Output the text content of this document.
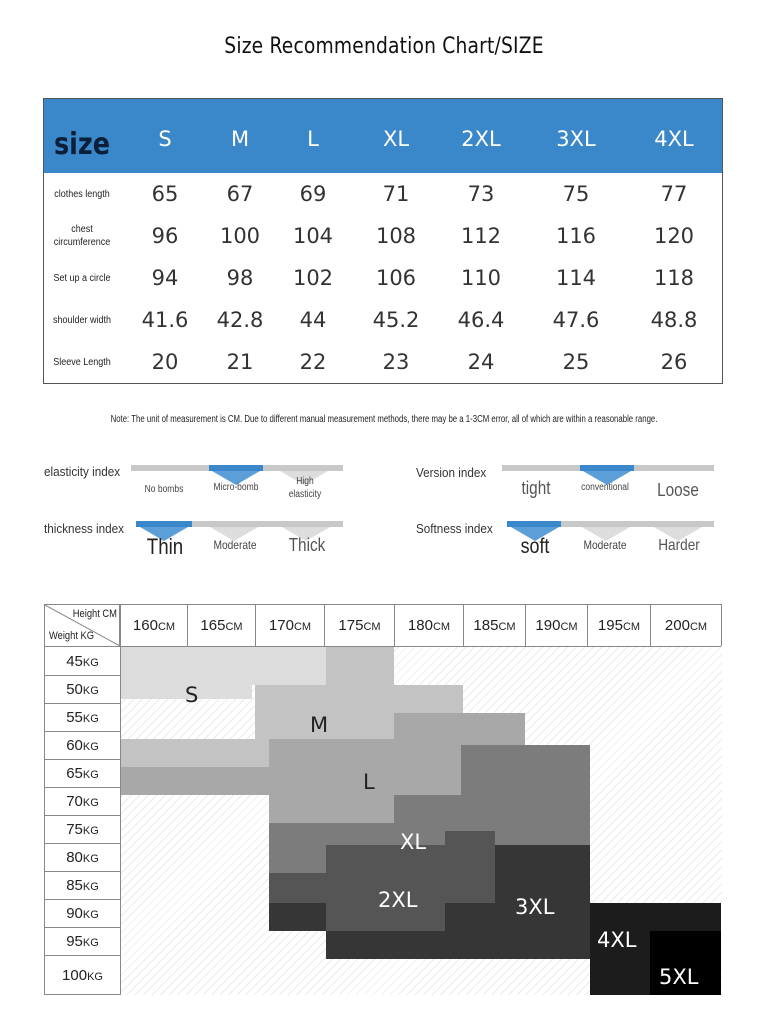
Size Recommendation Chart/SIZE
size	S	M	L	XL	2XL	3XL	4XL
clothes length	65	67	69	71	73	75	77
chest circumference	96	100	104	108	112	116	120
Set up a circle	94	98	102	106	110	114	118
shoulder width	41.6	42.8	44	45.2	46.4	47.6	48.8
Sleeve Length	20	21	22	23	24	25	26
Note: The unit of measurement is CM. Due to different manual measurement methods, there may be a 1-3CM error, all of which are within a reasonable range.
elasticity index
No bombs	Micro-bomb
High elasticity
thickness index
Thin	Moderate	Thick
Version index
tight	conventional Loose
Softness index
soft	Moderate	Harder
S
M
L
XL
2XL	3XL
4XL
5XL
Height CM
Weight KG
160CM	165CM	170CM	175CM	180CM	185CM	190CM	195CM	200CM
45KG
50KG
55KG
60KG
65KG
70KG
75KG
80KG
85KG
90KG
95KG
100KG
